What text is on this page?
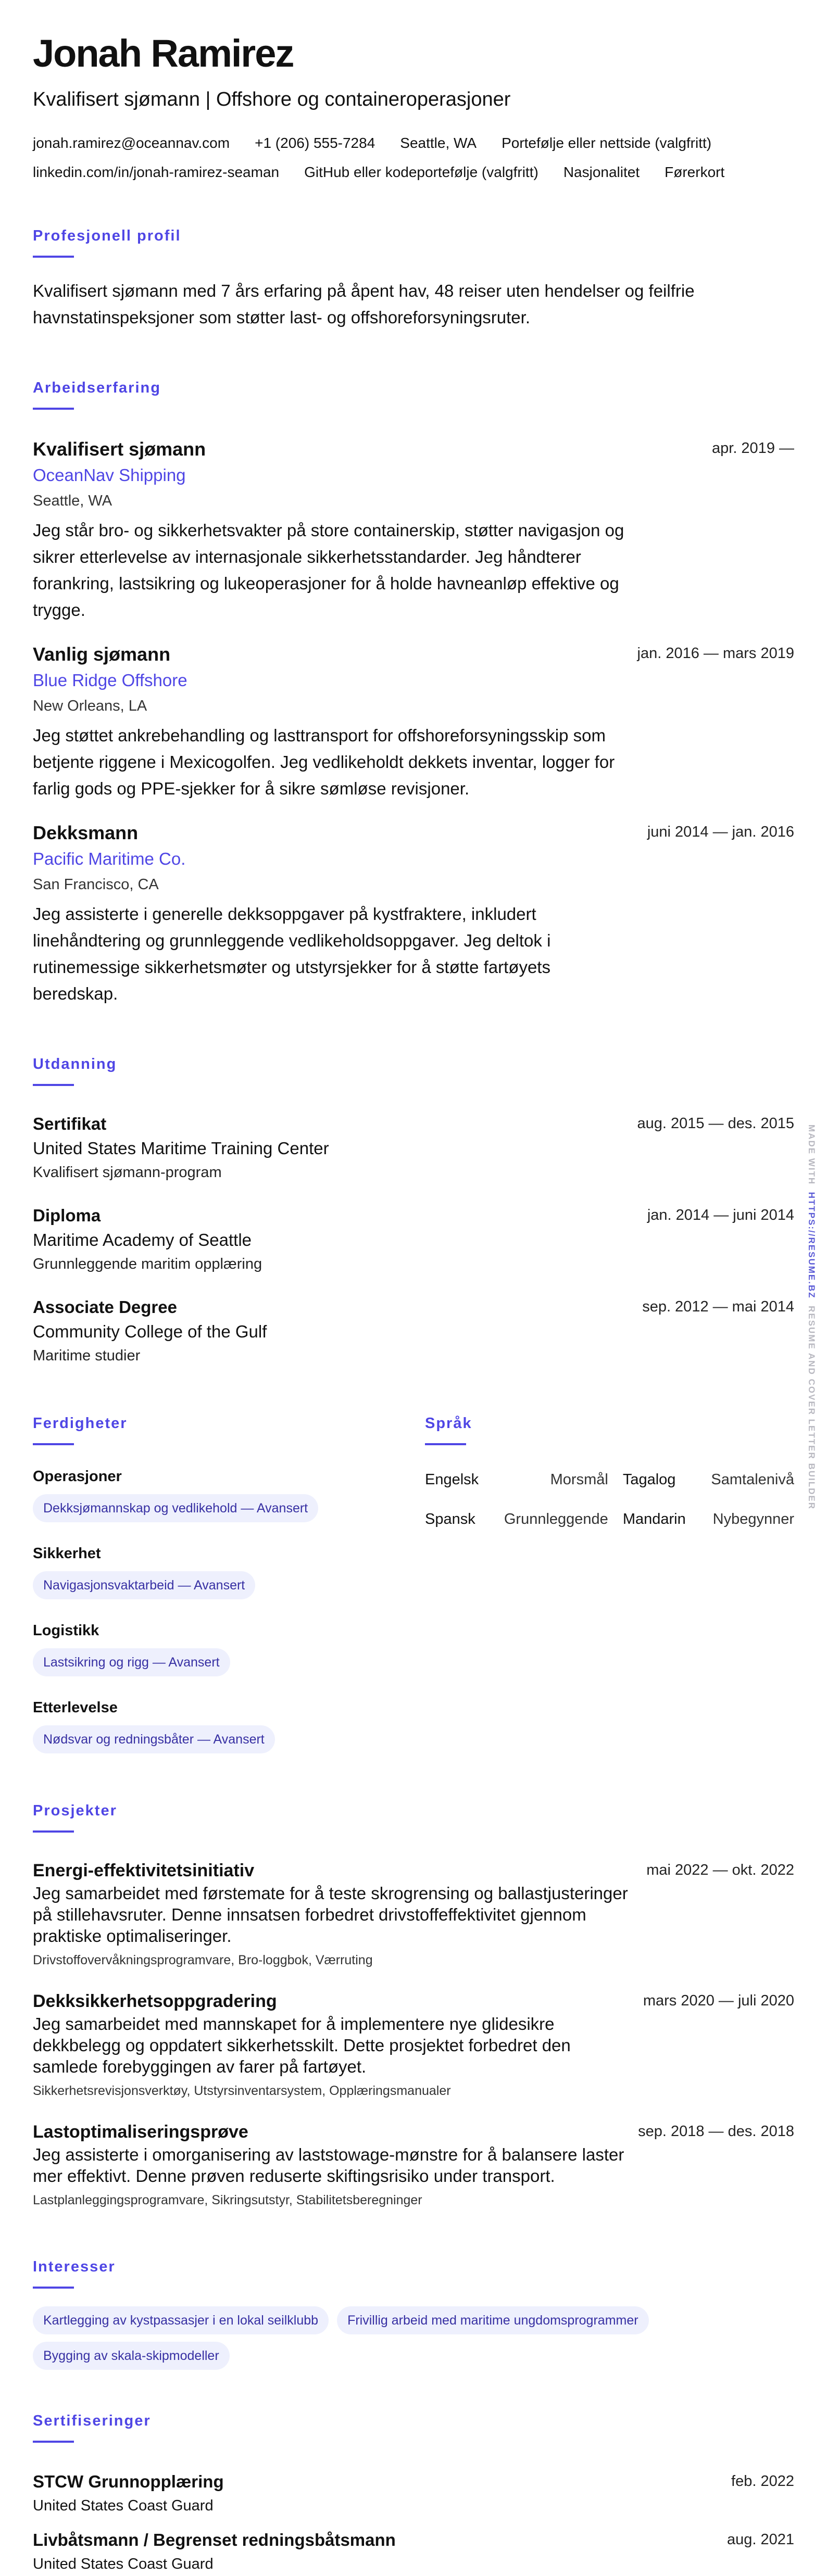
Jonah Ramirez
Kvalifisert sjømann | Offshore og containeroperasjoner
jonah.ramirez@oceannav.com +1 (206) 555-7284 Seattle, WA Portefølje eller nettside (valgfritt)
linkedin.com/in/jonah-ramirez-seaman GitHub eller kodeportefølje (valgfritt) Nasjonalitet Førerkort
Profesjonell profil
Kvalifisert sjømann med 7 års erfaring på åpent hav, 48 reiser uten hendelser og feilfrie havnstatinspeksjoner som støtter last- og offshoreforsyningsruter.
Arbeidserfaring
Kvalifisert sjømann	apr. 2019 —
OceanNav Shipping
Seattle, WA
Jeg står bro- og sikkerhetsvakter på store containerskip, støtter navigasjon og sikrer etterlevelse av internasjonale sikkerhetsstandarder. Jeg håndterer forankring, lastsikring og lukeoperasjoner for å holde havneanløp effektive og trygge.
Vanlig sjømann	jan. 2016 — mars 2019
Blue Ridge Offshore
New Orleans, LA
Jeg støttet ankrebehandling og lasttransport for offshoreforsyningsskip som betjente riggene i Mexicogolfen. Jeg vedlikeholdt dekkets inventar, logger for farlig gods og PPE-sjekker for å sikre sømløse revisjoner.
Dekksmann	juni 2014 — jan. 2016
Pacific Maritime Co.
San Francisco, CA
Jeg assisterte i generelle dekksoppgaver på kystfraktere, inkludert linehåndtering og grunnleggende vedlikeholdsoppgaver. Jeg deltok i rutinemessige sikkerhetsmøter og utstyrsjekker for å støtte fartøyets beredskap.
Utdanning
Sertifikat	aug. 2015 — des. 2015
United States Maritime Training Center
Kvalifisert sjømann-program
Diploma	jan. 2014 — juni 2014
Maritime Academy of Seattle
Grunnleggende maritim opplæring
Associate Degree	sep. 2012 — mai 2014
Community College of the Gulf
Maritime studier
Ferdigheter
Operasjoner
Dekksjømannskap og vedlikehold — Avansert
Sikkerhet
Navigasjonsvaktarbeid — Avansert
Logistikk
Lastsikring og rigg — Avansert
Etterlevelse
Nødsvar og redningsbåter — Avansert
Språk
Engelsk	Morsmål Tagalog	Samtalenivå
Spansk	Grunnleggende Mandarin	Nybegynner
Prosjekter
Energi-effektivitetsinitiativ	mai 2022 — okt. 2022
Jeg samarbeidet med førstemate for å teste skrogrensing og ballastjusteringer på stillehavsruter. Denne innsatsen forbedret drivstoffeffektivitet gjennom praktiske optimaliseringer.
Drivstoffovervåkningsprogramvare, Bro-loggbok, Værruting
Dekksikkerhetsoppgradering	mars 2020 — juli 2020
Jeg samarbeidet med mannskapet for å implementere nye glidesikre dekkbelegg og oppdatert sikkerhetsskilt. Dette prosjektet forbedret den samlede forebyggingen av farer på fartøyet.
Sikkerhetsrevisjonsverktøy, Utstyrsinventarsystem, Opplæringsmanualer
Lastoptimaliseringsprøve	sep. 2018 — des. 2018
Jeg assisterte i omorganisering av laststowage-mønstre for å balansere laster mer effektivt. Denne prøven reduserte skiftingsrisiko under transport.
Lastplanleggingsprogramvare, Sikringsutstyr, Stabilitetsberegninger
Interesser
Kartlegging av kystpassasjer i en lokal seilklubb Frivillig arbeid med maritime ungdomsprogrammer
Bygging av skala-skipmodeller
Sertifiseringer
STCW Grunnopplæring	feb. 2022
United States Coast Guard
Livbåtsmann / Begrenset redningsbåtsmann	aug. 2021
United States Coast Guard
MADE WITH  HTTPS://RESUME.BZ  RESUME AND COVER LETTER BUILDER
